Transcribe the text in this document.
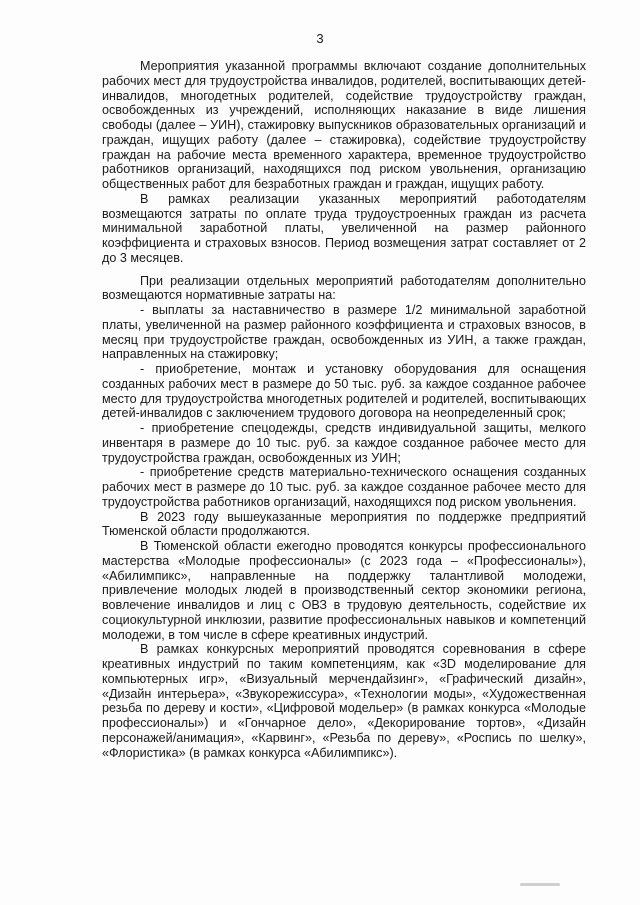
3

Мероприятия указанной программы включают создание дополнительных рабочих мест для трудоустройства инвалидов, родителей, воспитывающих детей-инвалидов, многодетных родителей, содействие трудоустройству граждан, освобожденных из учреждений, исполняющих наказание в виде лишения свободы (далее – УИН), стажировку выпускников образовательных организаций и граждан, ищущих работу (далее – стажировка), содействие трудоустройству граждан на рабочие места временного характера, временное трудоустройство работников организаций, находящихся под риском увольнения, организацию общественных работ для безработных граждан и граждан, ищущих работу.

В рамках реализации указанных мероприятий работодателям возмещаются затраты по оплате труда трудоустроенных граждан из расчета минимальной заработной платы, увеличенной на размер районного коэффициента и страховых взносов. Период возмещения затрат составляет от 2 до 3 месяцев.

При реализации отдельных мероприятий работодателям дополнительно возмещаются нормативные затраты на:

- выплаты за наставничество в размере 1/2 минимальной заработной платы, увеличенной на размер районного коэффициента и страховых взносов, в месяц при трудоустройстве граждан, освобожденных из УИН, а также граждан, направленных на стажировку;

- приобретение, монтаж и установку оборудования для оснащения созданных рабочих мест в размере до 50 тыс. руб. за каждое созданное рабочее место для трудоустройства многодетных родителей и родителей, воспитывающих детей-инвалидов с заключением трудового договора на неопределенный срок;

- приобретение спецодежды, средств индивидуальной защиты, мелкого инвентаря в размере до 10 тыс. руб. за каждое созданное рабочее место для трудоустройства граждан, освобожденных из УИН;

- приобретение средств материально-технического оснащения созданных рабочих мест в размере до 10 тыс. руб. за каждое созданное рабочее место для трудоустройства работников организаций, находящихся под риском увольнения.

В 2023 году вышеуказанные мероприятия по поддержке предприятий Тюменской области продолжаются.

В Тюменской области ежегодно проводятся конкурсы профессионального мастерства «Молодые профессионалы» (с 2023 года – «Профессионалы»), «Абилимпикс», направленные на поддержку талантливой молодежи, привлечение молодых людей в производственный сектор экономики региона, вовлечение инвалидов и лиц с ОВЗ в трудовую деятельность, содействие их социокультурной инклюзии, развитие профессиональных навыков и компетенций молодежи, в том числе в сфере креативных индустрий.

В рамках конкурсных мероприятий проводятся соревнования в сфере креативных индустрий по таким компетенциям, как «3D моделирование для компьютерных игр», «Визуальный мерчендайзинг», «Графический дизайн», «Дизайн интерьера», «Звукорежиссура», «Технологии моды», «Художественная резьба по дереву и кости», «Цифровой модельер» (в рамках конкурса «Молодые профессионалы») и «Гончарное дело», «Декорирование тортов», «Дизайн персонажей/анимация», «Карвинг», «Резьба по дереву», «Роспись по шелку», «Флористика» (в рамках конкурса «Абилимпикс»).
